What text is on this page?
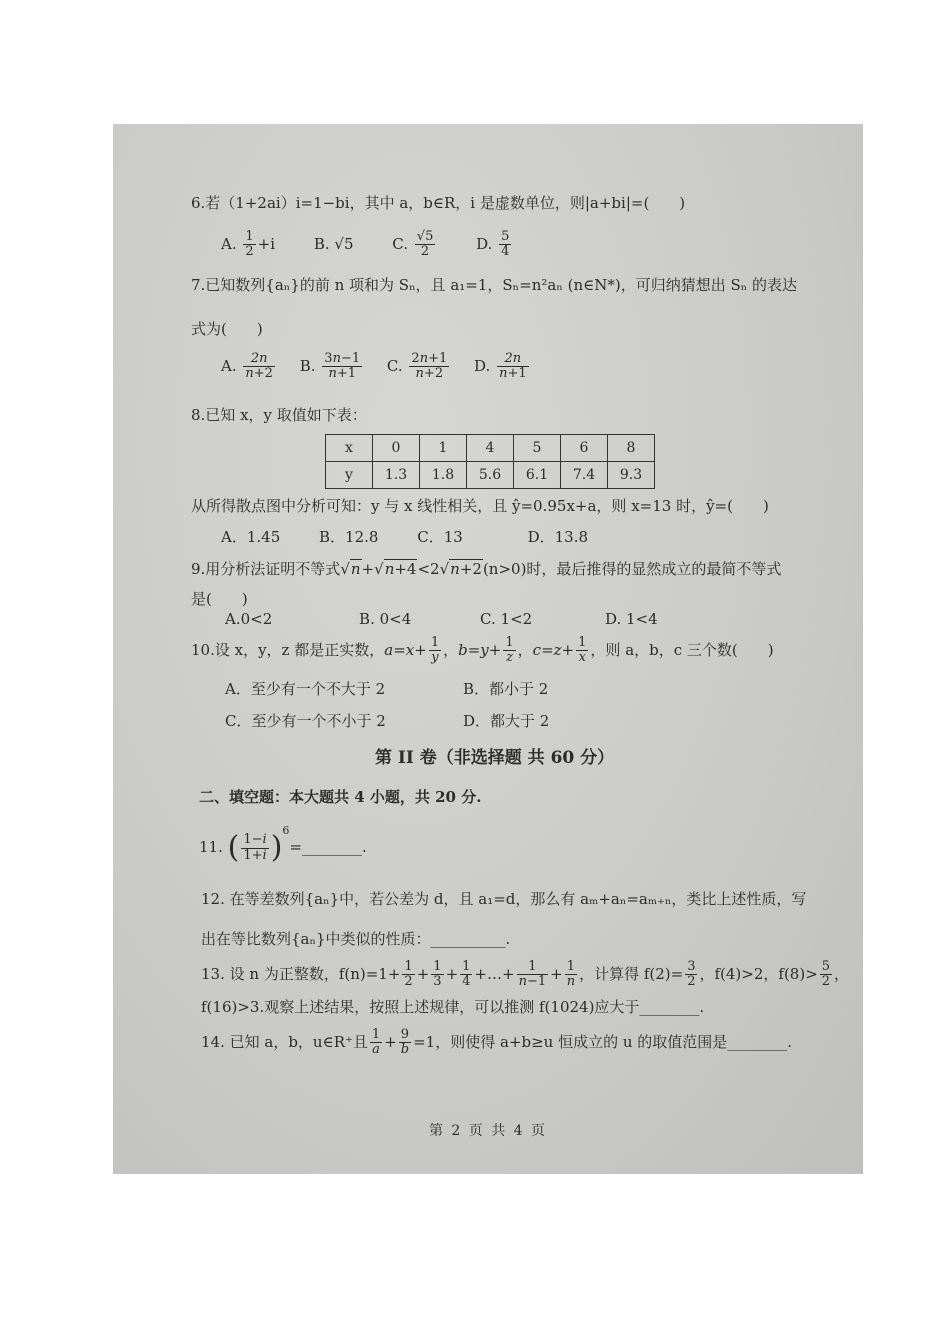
6.若（1+2ai）i=1−bi，其中 a，b∈R，i 是虚数单位，则|a+bi|=(　　)
A. $\frac{1}{2} +i$	B. √5	C. $\frac{√5}{2}$	D. $\frac{5}{4}$
7.已知数列{aₙ}的前 n 项和为 Sₙ，且 a₁=1，Sₙ=n²aₙ (n∈N*)，可归纳猜想出 Sₙ 的表达
式为(　　)
A. $\frac{2n}{n+2} B$. $\frac{3n-1}{n+1} C$. $\frac{2n+1}{n+2} D$. $\frac{2n}{n+1}$
8.已知 x，y 取值如下表：
x	0	1	4	5	6	8
y	1.3	1.8	5.6	6.1	7.4	9.3
从所得散点图中分析可知：y 与 x 线性相关，且 ŷ=0.95x+a，则 x=13 时，ŷ=(　　)
A．1.45	B．12.8	C．13	D．13.8
9.用分析法证明不等式√n+√n+4<2√n+2(n>0)时，最后推得的显然成立的最简不等式
是(　　)
A.0<2	B. 0<4	C. 1<2	D. 1<4
10.设 x，y，z 都是正实数，$a=x+ \frac{1}{y}$ ，$b=y+ \frac{1}{z}$ ，$c=z+ \frac{1}{x}$ ，则 a，b，c 三个数(　　)
A．至少有一个不大于 2	B．都小于 2
C．至少有一个不小于 2	D．都大于 2
第 II 卷（非选择题 共 60 分）
二、填空题：本大题共 4 小题，共 20 分.
11. ( $\frac{1-i}{1+i}$ )$^6$=________.
12. 在等差数列{aₙ}中，若公差为 d，且 a₁=d，那么有 aₘ+aₙ=aₘ₊ₙ，类比上述性质，写
出在等比数列{aₙ}中类似的性质：__________.
13. 设 n 为正整数，$f(n)=1+ \frac{1}{2} + \frac{1}{3} + \frac{1}{4}$ +…+ $\frac{1}{n-1} + \frac{1}{n}$ ，计算得 $f(2)= \frac{3}{2}$ ，f(4)>2，$f(8)> \frac{5}{2}$ ，
f(16)>3.观察上述结果，按照上述规律，可以推测 f(1024)应大于________.
14. 已知 a，b，u∈R⁺且 $\frac{1}{a} + \frac{9}{b} =1$，则使得 a+b≥u 恒成立的 u 的取值范围是________.
第 2 页 共 4 页
